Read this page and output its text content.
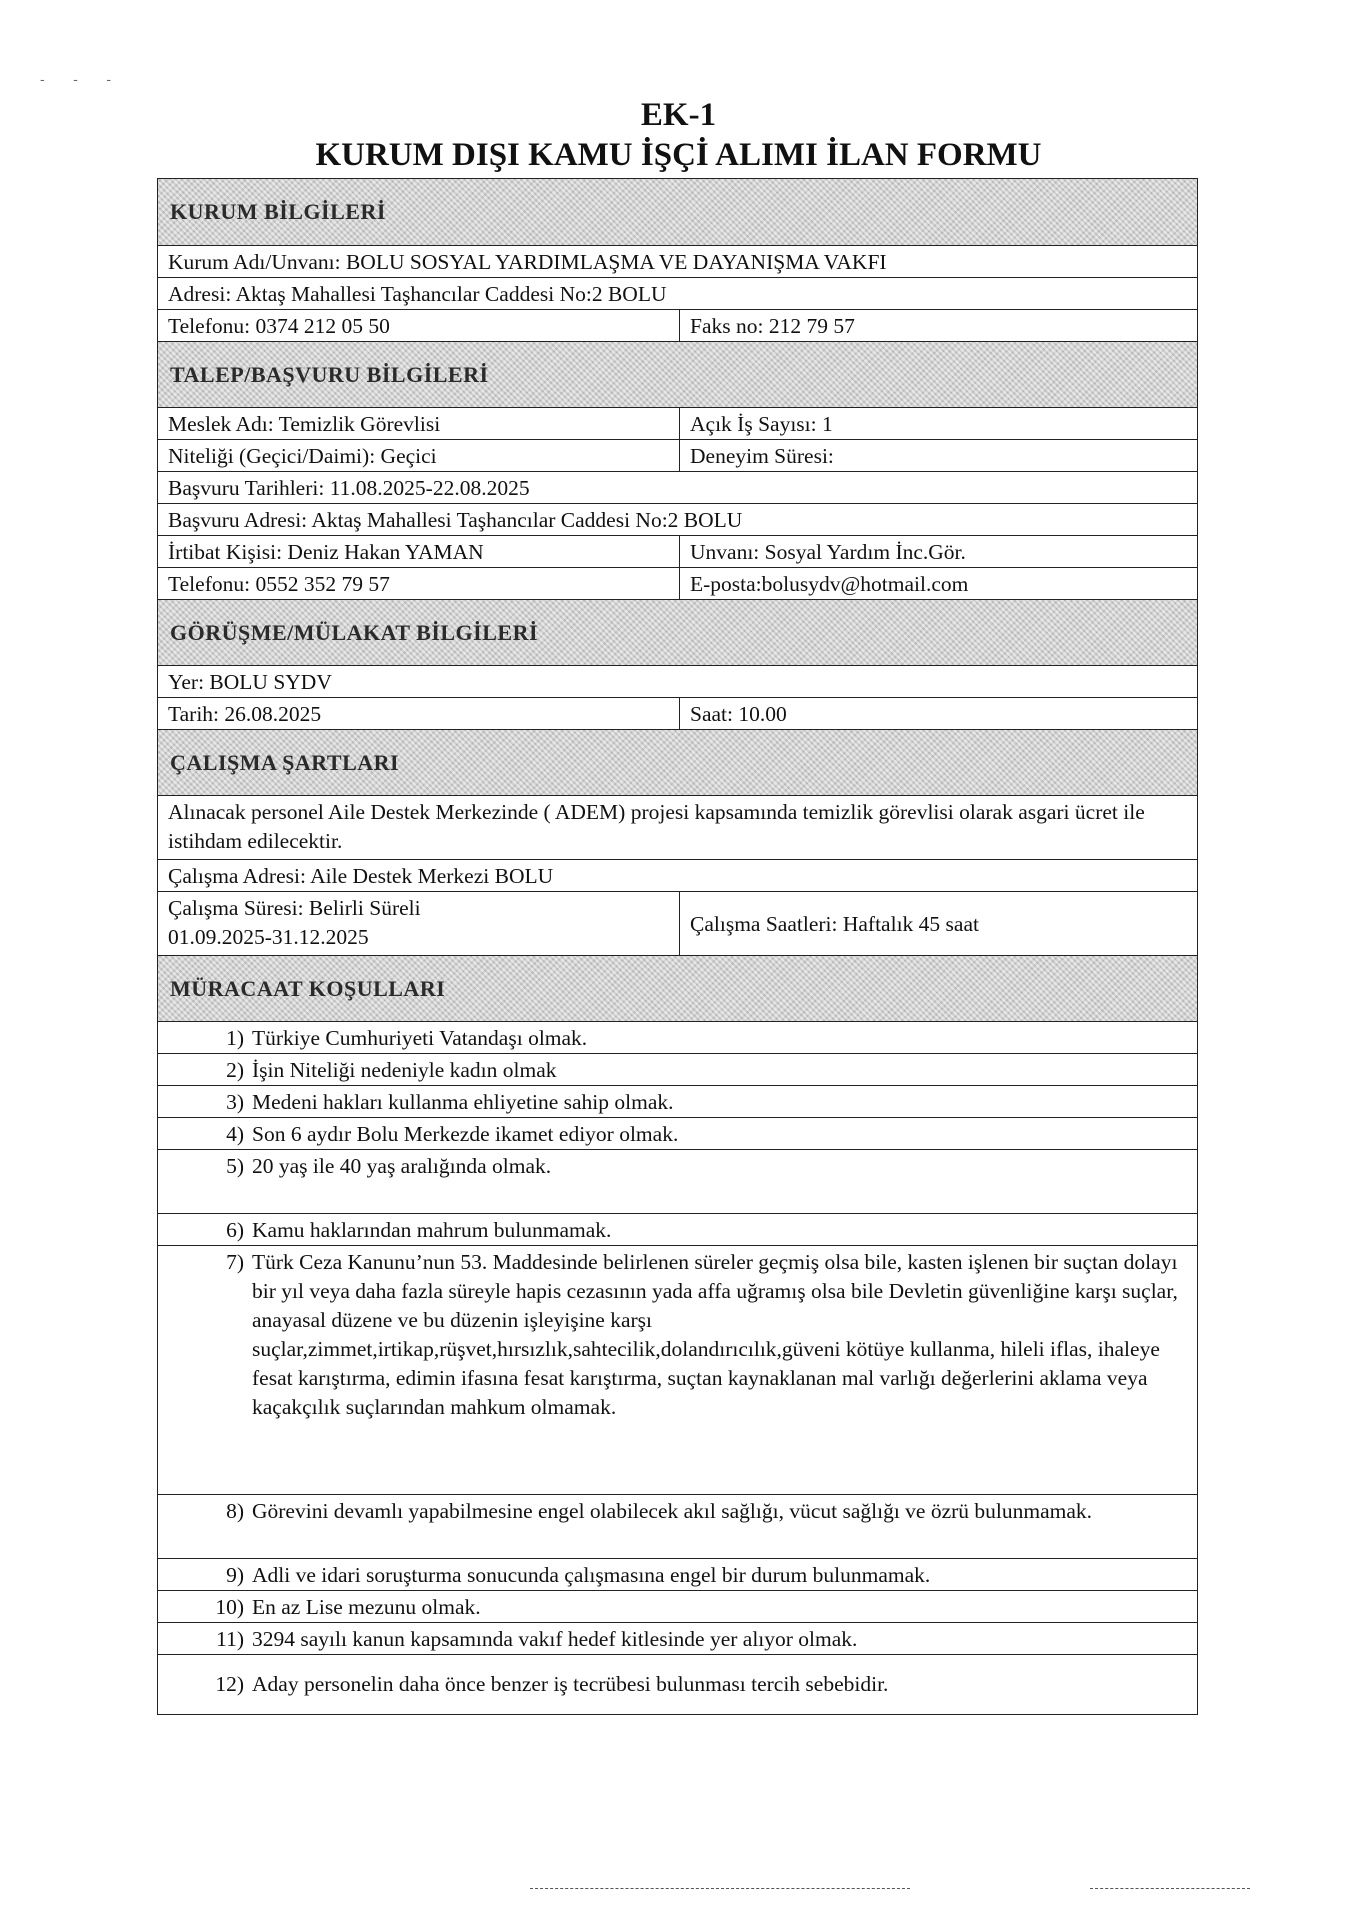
- - -
EK-1
KURUM DIŞI KAMU İŞÇİ ALIMI İLAN FORMU
KURUM BİLGİLERİ
Kurum Adı/Unvanı: BOLU SOSYAL YARDIMLAŞMA VE DAYANIŞMA VAKFI
Adresi: Aktaş Mahallesi Taşhancılar Caddesi No:2 BOLU
Telefonu: 0374 212 05 50	Faks no: 212 79 57
TALEP/BAŞVURU BİLGİLERİ
Meslek Adı: Temizlik Görevlisi	Açık İş Sayısı: 1
Niteliği (Geçici/Daimi): Geçici	Deneyim Süresi:
Başvuru Tarihleri: 11.08.2025-22.08.2025
Başvuru Adresi: Aktaş Mahallesi Taşhancılar Caddesi No:2 BOLU
İrtibat Kişisi: Deniz Hakan YAMAN	Unvanı: Sosyal Yardım İnc.Gör.
Telefonu: 0552 352 79 57	E-posta:bolusydv@hotmail.com
GÖRÜŞME/MÜLAKAT BİLGİLERİ
Yer: BOLU SYDV
Tarih: 26.08.2025	Saat: 10.00
ÇALIŞMA ŞARTLARI
Alınacak personel Aile Destek Merkezinde ( ADEM) projesi kapsamında temizlik görevlisi olarak asgari ücret ile istihdam edilecektir.
Çalışma Adresi: Aile Destek Merkezi BOLU
Çalışma Süresi: Belirli Süreli
01.09.2025-31.12.2025
Çalışma Saatleri: Haftalık 45 saat
MÜRACAAT KOŞULLARI
1) Türkiye Cumhuriyeti Vatandaşı olmak.
2) İşin Niteliği nedeniyle kadın olmak
3) Medeni hakları kullanma ehliyetine sahip olmak.
4) Son 6 aydır Bolu Merkezde ikamet ediyor olmak.
5) 20 yaş ile 40 yaş aralığında olmak.
6) Kamu haklarından mahrum bulunmamak.
7) Türk Ceza Kanunu’nun 53. Maddesinde belirlenen süreler geçmiş olsa bile, kasten işlenen bir suçtan dolayı bir yıl veya daha fazla süreyle hapis cezasının yada affa uğramış olsa bile Devletin güvenliğine karşı suçlar, anayasal düzene ve bu düzenin işleyişine karşı suçlar,zimmet,irtikap,rüşvet,hırsızlık,sahtecilik,dolandırıcılık,güveni kötüye kullanma, hileli iflas, ihaleye fesat karıştırma, edimin ifasına fesat karıştırma, suçtan kaynaklanan mal varlığı değerlerini aklama veya kaçakçılık suçlarından mahkum olmamak.
8) Görevini devamlı yapabilmesine engel olabilecek akıl sağlığı, vücut sağlığı ve özrü bulunmamak.
9) Adli ve idari soruşturma sonucunda çalışmasına engel bir durum bulunmamak.
10) En az Lise mezunu olmak.
11) 3294 sayılı kanun kapsamında vakıf hedef kitlesinde yer alıyor olmak.
12) Aday personelin daha önce benzer iş tecrübesi bulunması tercih sebebidir.
